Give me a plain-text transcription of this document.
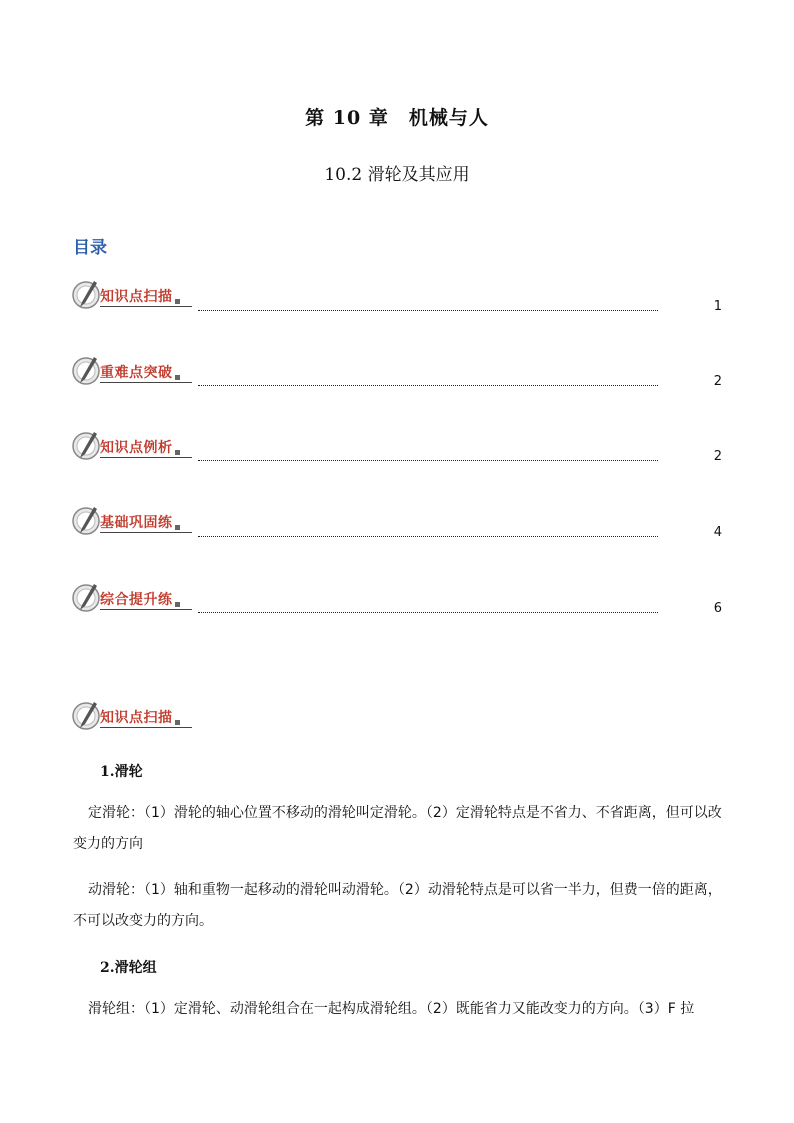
第 10 章　机械与人
10.2 滑轮及其应用
目录
知识点扫描
1
重难点突破
2
知识点例析
2
基础巩固练
4
综合提升练
6
知识点扫描
1.滑轮
定滑轮：（1）滑轮的轴心位置不移动的滑轮叫定滑轮。（2）定滑轮特点是不省力、不省距离，但可以改变力的方向
动滑轮：（1）轴和重物一起移动的滑轮叫动滑轮。（2）动滑轮特点是可以省一半力，但费一倍的距离，不可以改变力的方向。
2.滑轮组
滑轮组：（1）定滑轮、动滑轮组合在一起构成滑轮组。（2）既能省力又能改变力的方向。（3）F 拉
